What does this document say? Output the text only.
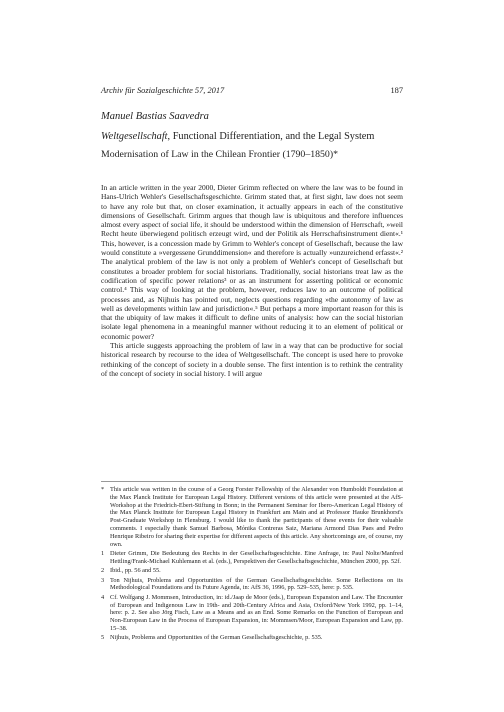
Archiv für Sozialgeschichte 57, 2017	187
Manuel Bastias Saavedra
Weltgesellschaft, Functional Differentiation, and the Legal System
Modernisation of Law in the Chilean Frontier (1790–1850)*

In an article written in the year 2000, Dieter Grimm reflected on where the law was to be found in Hans-Ulrich Wehler's Gesellschaftsgeschichte. Grimm stated that, at first sight, law does not seem to have any role but that, on closer examination, it actually appears in each of the constitutive dimensions of Gesellschaft. Grimm argues that though law is ubiquitous and therefore influences almost every aspect of social life, it should be understood within the dimension of Herrschaft, »weil Recht heute überwiegend politisch erzeugt wird, und der Politik als Herrschaftsinstrument dient«.¹ This, however, is a concession made by Grimm to Wehler's concept of Gesellschaft, because the law would constitute a »vergessene Grunddimension« and therefore is actually »unzureichend erfasst«.² The analytical problem of the law is not only a problem of Wehler's concept of Gesellschaft but constitutes a broader problem for social historians. Traditionally, social historians treat law as the codification of specific power relations³ or as an instrument for asserting political or economic control.⁴ This way of looking at the problem, however, reduces law to an outcome of political processes and, as Nijhuis has pointed out, neglects questions regarding »the autonomy of law as well as developments within law and jurisdiction«.⁵ But perhaps a more important reason for this is that the ubiquity of law makes it difficult to define units of analysis: how can the social historian isolate legal phenomena in a meaningful manner without reducing it to an element of political or economic power?

This article suggests approaching the problem of law in a way that can be productive for social historical research by recourse to the idea of Weltgesellschaft. The concept is used here to provoke rethinking of the concept of society in a double sense. The first intention is to rethink the centrality of the concept of society in social history. I will argue

* This article was written in the course of a Georg Forster Fellowship of the Alexander von Humboldt Foundation at the Max Planck Institute for European Legal History. Different versions of this article were presented at the AfS-Workshop at the Friedrich-Ebert-Stiftung in Bonn; in the Permanent Seminar for Ibero-American Legal History of the Max Planck Institute for European Legal History in Frankfurt am Main and at Professor Hauke Brunkhorst's Post-Graduate Workshop in Flensburg. I would like to thank the participants of these events for their valuable comments. I especially thank Samuel Barbosa, Mónika Contreras Saiz, Mariana Armond Dias Paes and Pedro Henrique Ribeiro for sharing their expertise for different aspects of this article. Any shortcomings are, of course, my own.
1 Dieter Grimm, Die Bedeutung des Rechts in der Gesellschaftsgeschichte. Eine Anfrage, in: Paul Nolte/Manfred Hettling/Frank-Michael Kuhlemann et al. (eds.), Perspektiven der Gesellschaftsgeschichte, München 2000, pp. 52f.
2 Ibid., pp. 56 and 55.
3 Ton Nijhuis, Problems and Opportunities of the German Gesellschaftsgeschichte. Some Reflections on its Methodological Foundations and its Future Agenda, in: AfS 36, 1996, pp. 529–535, here: p. 535.
4 Cf. Wolfgang J. Mommsen, Introduction, in: id./Jaap de Moor (eds.), European Expansion and Law. The Encounter of European and Indigenous Law in 19th- and 20th-Century Africa and Asia, Oxford/New York 1992, pp. 1–14, here: p. 2. See also Jörg Fisch, Law as a Means and as an End. Some Remarks on the Function of European and Non-European Law in the Process of European Expansion, in: Mommsen/Moor, European Expansion and Law, pp. 15–38.
5 Nijhuis, Problems and Opportunities of the German Gesellschaftsgeschichte, p. 535.
